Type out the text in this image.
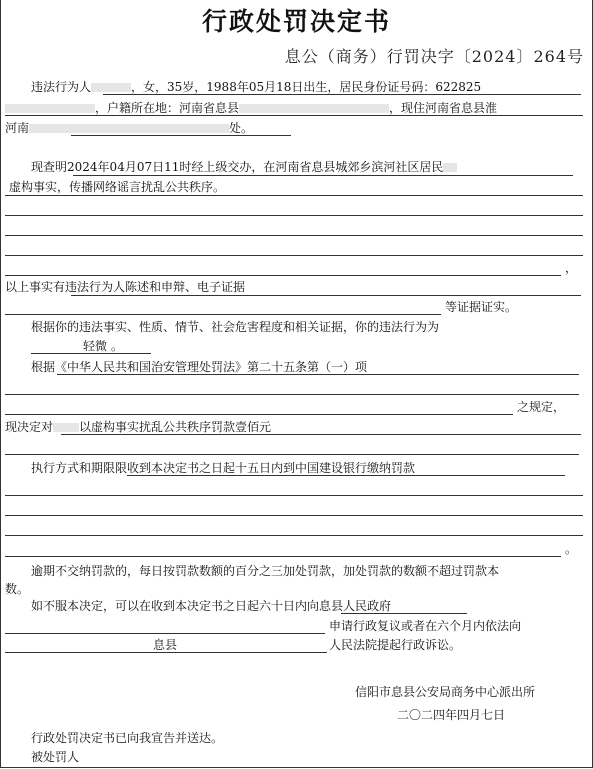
行政处罚决定书
息公（商务）行罚决字〔2024〕264号
违法行为人	，女，35岁，1988年05月18日出生，居民身份证号码：622825
，户籍所在地：河南省息县	，现住河南省息县淮
河南	处。
现查明2024年04月07日11时经上级交办，在河南省息县城郊乡滨河社区居民
虚构事实，传播网络谣言扰乱公共秩序。
，
以上事实有违法行为人陈述和申辩、电子证据
等证据证实。
根据你的违法事实、性质、情节、社会危害程度和相关证据，你的违法行为为
轻微 。
根据《中华人民共和国治安管理处罚法》第二十五条第（一）项
之规定，
现决定对 以虚构事实扰乱公共秩序罚款壹佰元
执行方式和期限限收到本决定书之日起十五日内到中国建设银行缴纳罚款
。
逾期不交纳罚款的，每日按罚款数额的百分之三加处罚款，加处罚款的数额不超过罚款本
数。
如不服本决定，可以在收到本决定书之日起六十日内向息县人民政府
申请行政复议或者在六个月内依法向
息县	人民法院提起行政诉讼。
信阳市息县公安局商务中心派出所
二〇二四年四月七日
行政处罚决定书已向我宣告并送达。
被处罚人
